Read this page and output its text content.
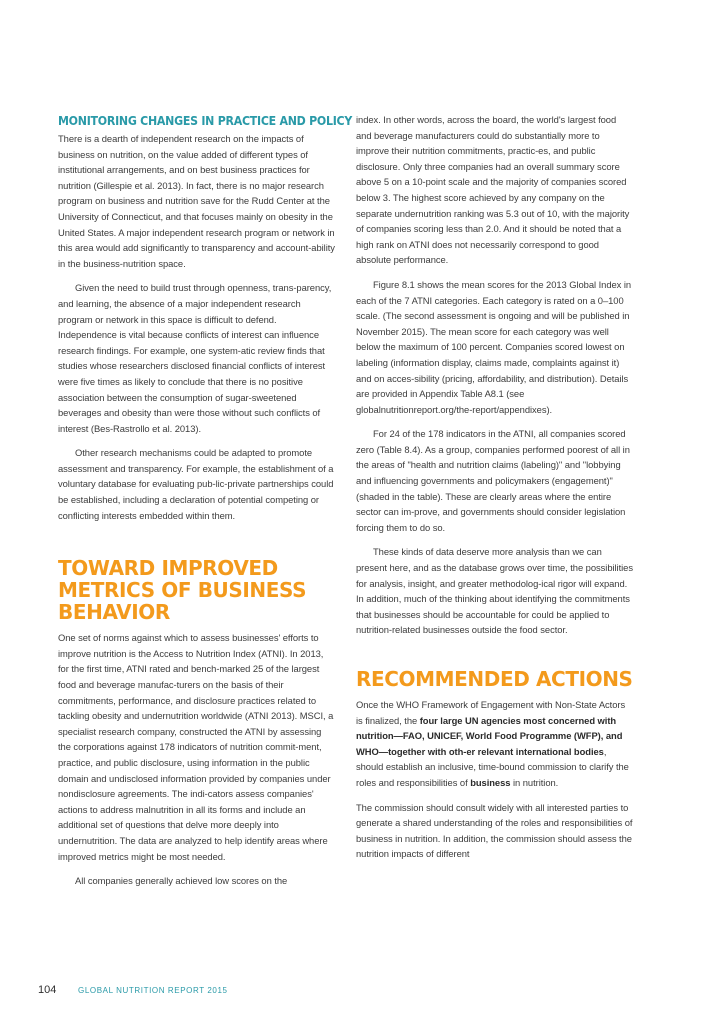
MONITORING CHANGES IN PRACTICE AND POLICY

There is a dearth of independent research on the impacts of business on nutrition, on the value added of different types of institutional arrangements, and on best business practices for nutrition (Gillespie et al. 2013). In fact, there is no major research program on business and nutrition save for the Rudd Center at the University of Connecticut, and that focuses mainly on obesity in the United States. A major independent research program or network in this area would add significantly to transparency and account-ability in the business-nutrition space.

Given the need to build trust through openness, trans-parency, and learning, the absence of a major independent research program or network in this space is difficult to defend. Independence is vital because conflicts of interest can influence research findings. For example, one system-atic review finds that studies whose researchers disclosed financial conflicts of interest were five times as likely to conclude that there is no positive association between the consumption of sugar-sweetened beverages and obesity than were those without such conflicts of interest (Bes-Rastrollo et al. 2013).

Other research mechanisms could be adapted to promote assessment and transparency. For example, the establishment of a voluntary database for evaluating pub-lic-private partnerships could be established, including a declaration of potential competing or conflicting interests embedded within them.

TOWARD IMPROVED METRICS OF BUSINESS BEHAVIOR

One set of norms against which to assess businesses' efforts to improve nutrition is the Access to Nutrition Index (ATNI). In 2013, for the first time, ATNI rated and bench-marked 25 of the largest food and beverage manufac-turers on the basis of their commitments, performance, and disclosure practices related to tackling obesity and undernutrition worldwide (ATNI 2013). MSCI, a specialist research company, constructed the ATNI by assessing the corporations against 178 indicators of nutrition commit-ment, practice, and public disclosure, using information in the public domain and undisclosed information provided by companies under nondisclosure agreements. The indi-cators assess companies' actions to address malnutrition in all its forms and include an additional set of questions that delve more deeply into undernutrition. The data are analyzed to help identify areas where improved metrics might be most needed.

All companies generally achieved low scores on the

index. In other words, across the board, the world's largest food and beverage manufacturers could do substantially more to improve their nutrition commitments, practic-es, and public disclosure. Only three companies had an overall summary score above 5 on a 10-point scale and the majority of companies scored below 3. The highest score achieved by any company on the separate undernutrition ranking was 5.3 out of 10, with the majority of companies scoring less than 2.0. And it should be noted that a high rank on ATNI does not necessarily correspond to good absolute performance.

Figure 8.1 shows the mean scores for the 2013 Global Index in each of the 7 ATNI categories. Each category is rated on a 0–100 scale. (The second assessment is ongoing and will be published in November 2015). The mean score for each category was well below the maximum of 100 percent. Companies scored lowest on labeling (information display, claims made, complaints against it) and on acces-sibility (pricing, affordability, and distribution). Details are provided in Appendix Table A8.1 (see globalnutritionreport.org/the-report/appendixes).

For 24 of the 178 indicators in the ATNI, all companies scored zero (Table 8.4). As a group, companies performed poorest of all in the areas of "health and nutrition claims (labeling)" and "lobbying and influencing governments and policymakers (engagement)" (shaded in the table). These are clearly areas where the entire sector can im-prove, and governments should consider legislation forcing them to do so.

These kinds of data deserve more analysis than we can present here, and as the database grows over time, the possibilities for analysis, insight, and greater methodolog-ical rigor will expand. In addition, much of the thinking about identifying the commitments that businesses should be accountable for could be applied to nutrition-related businesses outside the food sector.

RECOMMENDED ACTIONS

Once the WHO Framework of Engagement with Non-State Actors is finalized, the four large UN agencies most concerned with nutrition—FAO, UNICEF, World Food Programme (WFP), and WHO—together with oth-er relevant international bodies, should establish an inclusive, time-bound commission to clarify the roles and responsibilities of business in nutrition.

The commission should consult widely with all interested parties to generate a shared understanding of the roles and responsibilities of business in nutrition. In addition, the commission should assess the nutrition impacts of different

104	GLOBAL NUTRITION REPORT 2015
